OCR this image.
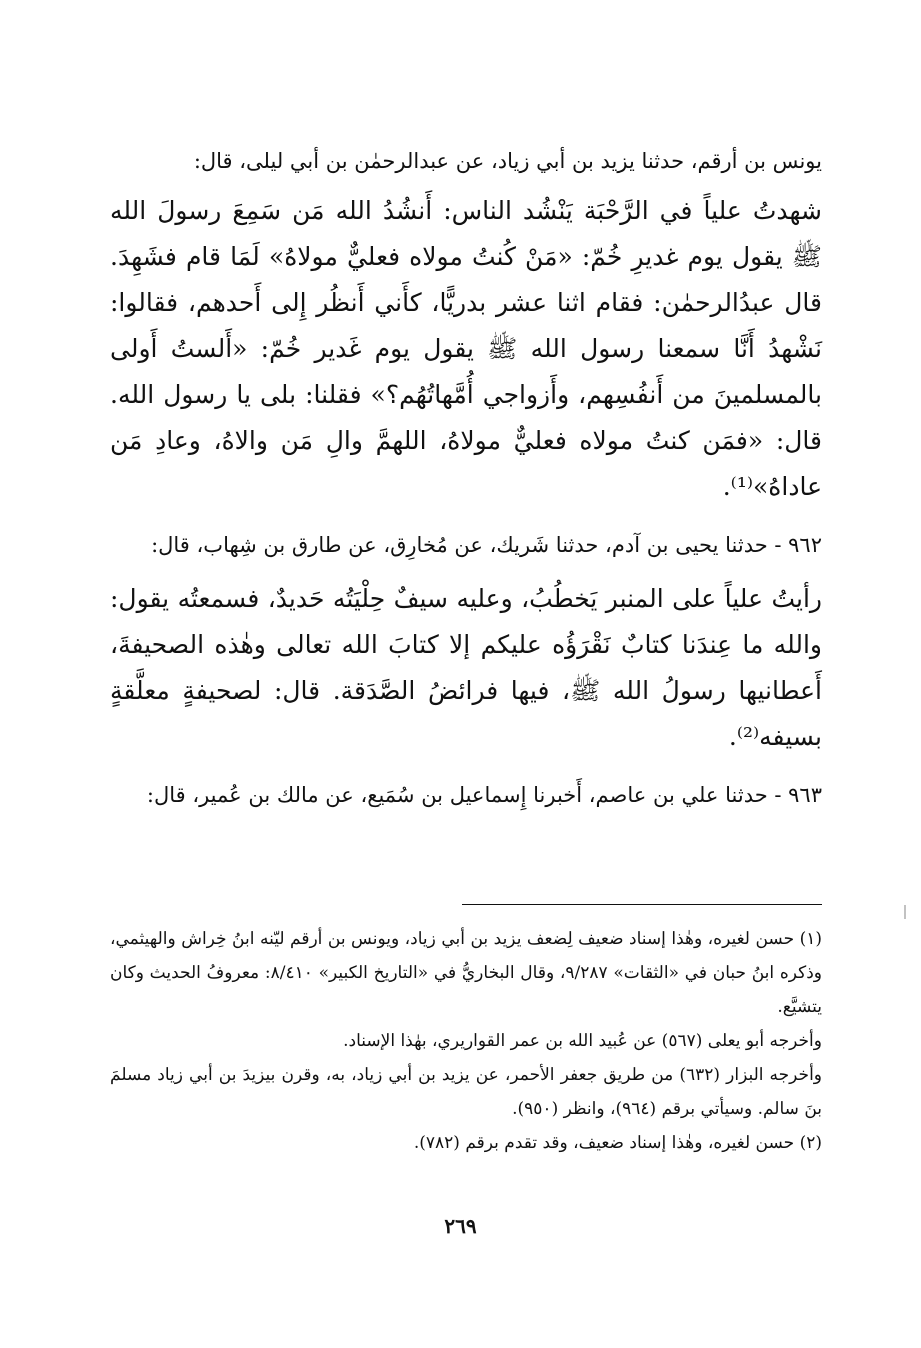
يونس بن أرقم، حدثنا يزيد بن أبي زياد، عن عبدالرحمٰن بن أبي ليلى، قال:

شهدتُ علياً في الرَّحْبَة يَنْشُد الناس: أَنشُدُ الله مَن سَمِعَ رسولَ الله ﷺ يقول يوم غديرِ خُمّ: «مَنْ كُنتُ مولاه فعليٌّ مولاهُ» لَمَا قام فشَهِدَ. قال عبدُالرحمٰن: فقام اثنا عشر بدريًّا، كأَني أَنظُر إِلى أَحدهم، فقالوا: نَشْهدُ أَنَّا سمعنا رسول الله ﷺ يقول يوم غَدير خُمّ: «أَلستُ أَولى بالمسلمينَ من أَنفُسِهم، وأَزواجي أُمَّهاتُهُم؟» فقلنا: بلى يا رسول الله. قال: «فمَن كنتُ مولاه فعليٌّ مولاهُ، اللهمَّ والِ مَن والاهُ، وعادِ مَن عاداهُ»⁽¹⁾.

٩٦٢ - حدثنا يحيى بن آدم، حدثنا شَريك، عن مُخارِق، عن طارق بن شِهاب، قال:

رأيتُ علياً على المنبر يَخطُبُ، وعليه سيفٌ حِلْيَتُه حَديدٌ، فسمعتُه يقول: والله ما عِندَنا كتابٌ نَقْرَؤُه عليكم إلا كتابَ الله تعالى وهٰذه الصحيفةَ، أَعطانيها رسولُ الله ﷺ، فيها فرائضُ الصَّدَقة. قال: لصحيفةٍ معلَّقةٍ بسيفه⁽²⁾.

٩٦٣ - حدثنا علي بن عاصم، أَخبرنا إِسماعيل بن سُمَيع، عن مالك بن عُمير، قال:

(١) حسن لغيره، وهٰذا إسناد ضعيف لِضعف يزيد بن أبي زياد، ويونس بن أرقم ليّنه ابنُ خِراش والهيثمي، وذكره ابنُ حبان في «الثقات» ٩/٢٨٧، وقال البخاريُّ في «التاريخ الكبير» ٨/٤١٠: معروفُ الحديث وكان يتشيَّع.

وأخرجه أبو يعلى (٥٦٧) عن عُبيد الله بن عمر القواريري، بهٰذا الإسناد.

وأخرجه البزار (٦٣٢) من طريق جعفر الأحمر، عن يزيد بن أبي زياد، به، وقرن بيزيدَ بن أبي زياد مسلمَ بنَ سالم. وسيأتي برقم (٩٦٤)، وانظر (٩٥٠).

(٢) حسن لغيره، وهٰذا إسناد ضعيف، وقد تقدم برقم (٧٨٢).

٢٦٩
